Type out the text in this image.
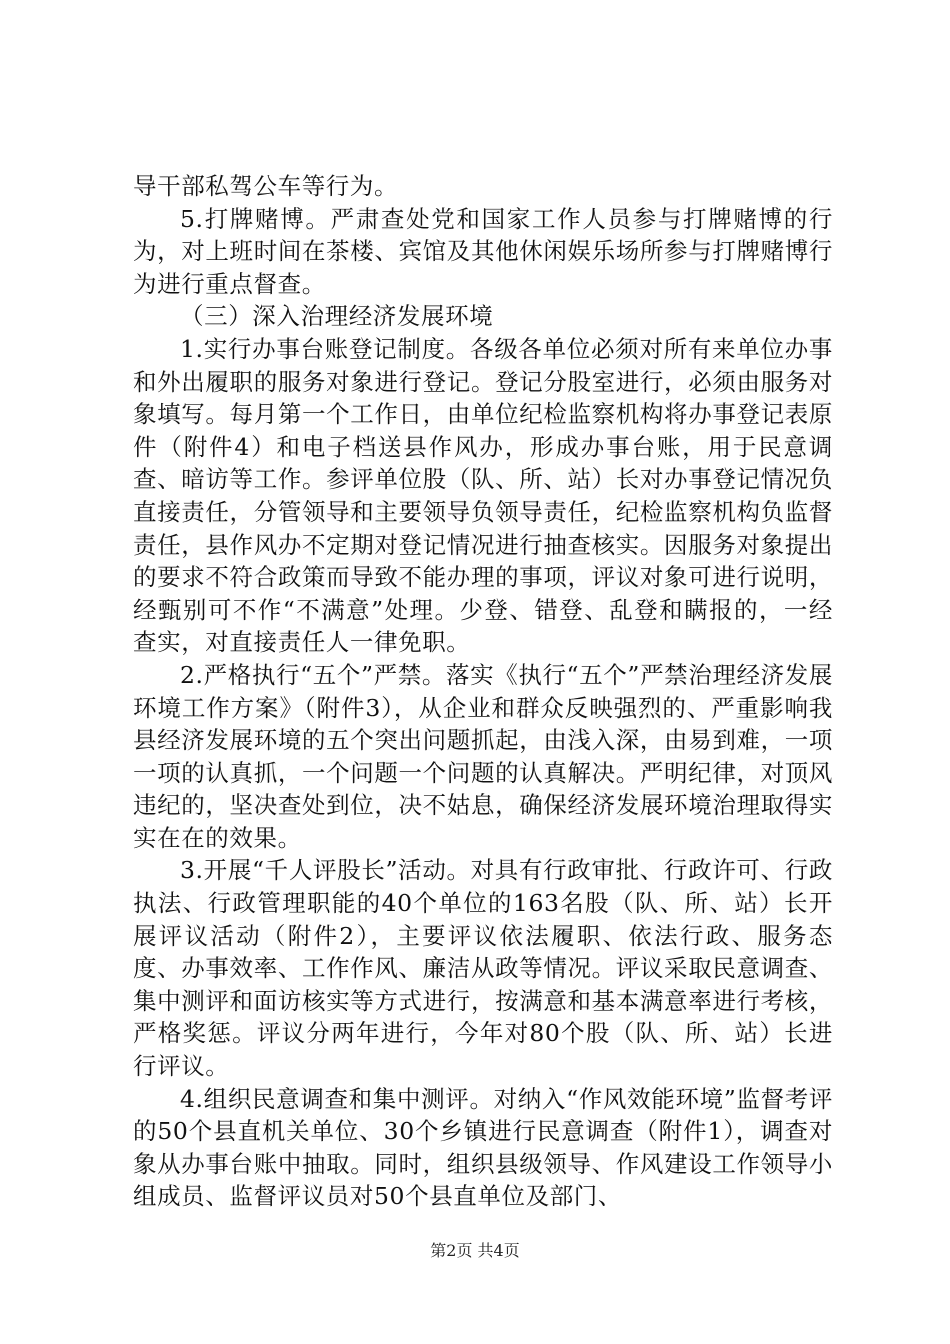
导干部私驾公车等行为。

5.打牌赌博。严肃查处党和国家工作人员参与打牌赌博的行为，对上班时间在茶楼、宾馆及其他休闲娱乐场所参与打牌赌博行为进行重点督查。

（三）深入治理经济发展环境

1.实行办事台账登记制度。各级各单位必须对所有来单位办事和外出履职的服务对象进行登记。登记分股室进行，必须由服务对象填写。每月第一个工作日，由单位纪检监察机构将办事登记表原件（附件4）和电子档送县作风办，形成办事台账，用于民意调查、暗访等工作。参评单位股（队、所、站）长对办事登记情况负直接责任，分管领导和主要领导负领导责任，纪检监察机构负监督责任，县作风办不定期对登记情况进行抽查核实。因服务对象提出的要求不符合政策而导致不能办理的事项，评议对象可进行说明，经甄别可不作“不满意”处理。少登、错登、乱登和瞒报的，一经查实，对直接责任人一律免职。

2.严格执行“五个”严禁。落实《执行“五个”严禁治理经济发展环境工作方案》（附件3），从企业和群众反映强烈的、严重影响我县经济发展环境的五个突出问题抓起，由浅入深，由易到难，一项一项的认真抓，一个问题一个问题的认真解决。严明纪律，对顶风违纪的，坚决查处到位，决不姑息，确保经济发展环境治理取得实实在在的效果。

3.开展“千人评股长”活动。对具有行政审批、行政许可、行政执法、行政管理职能的40个单位的163名股（队、所、站）长开展评议活动（附件2），主要评议依法履职、依法行政、服务态度、办事效率、工作作风、廉洁从政等情况。评议采取民意调查、集中测评和面访核实等方式进行，按满意和基本满意率进行考核，严格奖惩。评议分两年进行，今年对80个股（队、所、站）长进行评议。

4.组织民意调查和集中测评。对纳入“作风效能环境”监督考评的50个县直机关单位、30个乡镇进行民意调查（附件1），调查对象从办事台账中抽取。同时，组织县级领导、作风建设工作领导小组成员、监督评议员对50个县直单位及部门、

第2页 共4页
